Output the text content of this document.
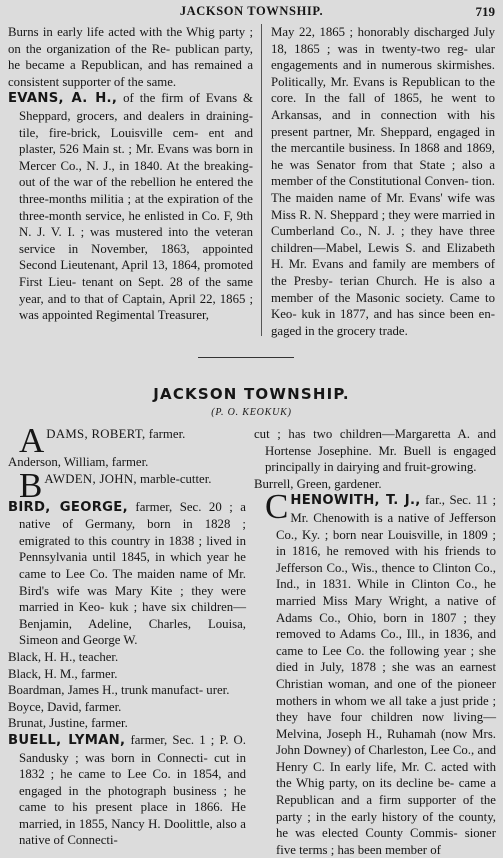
JACKSON TOWNSHIP.	719

Burns in early life acted with the Whig party ; on the organization of the Re- publican party, he became a Republican, and has remained a consistent supporter of the same.

EVANS, A. H., of the firm of Evans & Sheppard, grocers, and dealers in draining-tile, fire-brick, Louisville cem- ent and plaster, 526 Main st. ; Mr. Evans was born in Mercer Co., N. J., in 1840. At the breaking-out of the war of the rebellion he entered the three-months militia ; at the expiration of the three-month service, he enlisted in Co. F, 9th N. J. V. I. ; was mustered into the veteran service in November, 1863, appointed Second Lieutenant, April 13, 1864, promoted First Lieu- tenant on Sept. 28 of the same year, and to that of Captain, April 22, 1865 ; was appointed Regimental Treasurer,

May 22, 1865 ; honorably discharged July 18, 1865 ; was in twenty-two reg- ular engagements and in numerous skirmishes. Politically, Mr. Evans is Republican to the core. In the fall of 1865, he went to Arkansas, and in connection with his present partner, Mr. Sheppard, engaged in the mercantile business. In 1868 and 1869, he was Senator from that State ; also a member of the Constitutional Conven- tion. The maiden name of Mr. Evans' wife was Miss R. N. Sheppard ; they were married in Cumberland Co., N. J. ; they have three children—Mabel, Lewis S. and Elizabeth H. Mr. Evans and family are members of the Presby- terian Church. He is also a member of the Masonic society. Came to Keo- kuk in 1877, and has since been en- gaged in the grocery trade.

JACKSON TOWNSHIP.
(P. O. KEOKUK)

ADAMS, ROBERT, farmer.

Anderson, William, farmer.

BAWDEN, JOHN, marble-cutter.

BIRD, GEORGE, farmer, Sec. 20 ; a native of Germany, born in 1828 ; emigrated to this country in 1838 ; lived in Pennsylvania until 1845, in which year he came to Lee Co. The maiden name of Mr. Bird's wife was Mary Kite ; they were married in Keo- kuk ; have six children—Benjamin, Adeline, Charles, Louisa, Simeon and George W.

Black, H. H., teacher.

Black, H. M., farmer.

Boardman, James H., trunk manufact- urer.

Boyce, David, farmer.

Brunat, Justine, farmer.

BUELL, LYMAN, farmer, Sec. 1 ; P. O. Sandusky ; was born in Connecti- cut in 1832 ; he came to Lee Co. in 1854, and engaged in the photograph business ; he came to his present place in 1866. He married, in 1855, Nancy H. Doolittle, also a native of Connecti-

cut ; has two children—Margaretta A. and Hortense Josephine. Mr. Buell is engaged principally in dairying and fruit-growing.

Burrell, Green, gardener.

CHENOWITH, T. J., far., Sec. 11 ; Mr. Chenowith is a native of Jefferson Co., Ky. ; born near Louisville, in 1809 ; in 1816, he removed with his friends to Jefferson Co., Wis., thence to Clinton Co., Ind., in 1831. While in Clinton Co., he married Miss Mary Wright, a native of Adams Co., Ohio, born in 1807 ; they removed to Adams Co., Ill., in 1836, and came to Lee Co. the following year ; she died in July, 1878 ; she was an earnest Christian woman, and one of the pioneer mothers in whom we all take a just pride ; they have four children now living—Melvina, Joseph H., Ruhamah (now Mrs. John Downey) of Charleston, Lee Co., and Henry C. In early life, Mr. C. acted with the Whig party, on its decline be- came a Republican and a firm supporter of the party ; in the early history of the county, he was elected County Commis- sioner five terms ; has been member of
